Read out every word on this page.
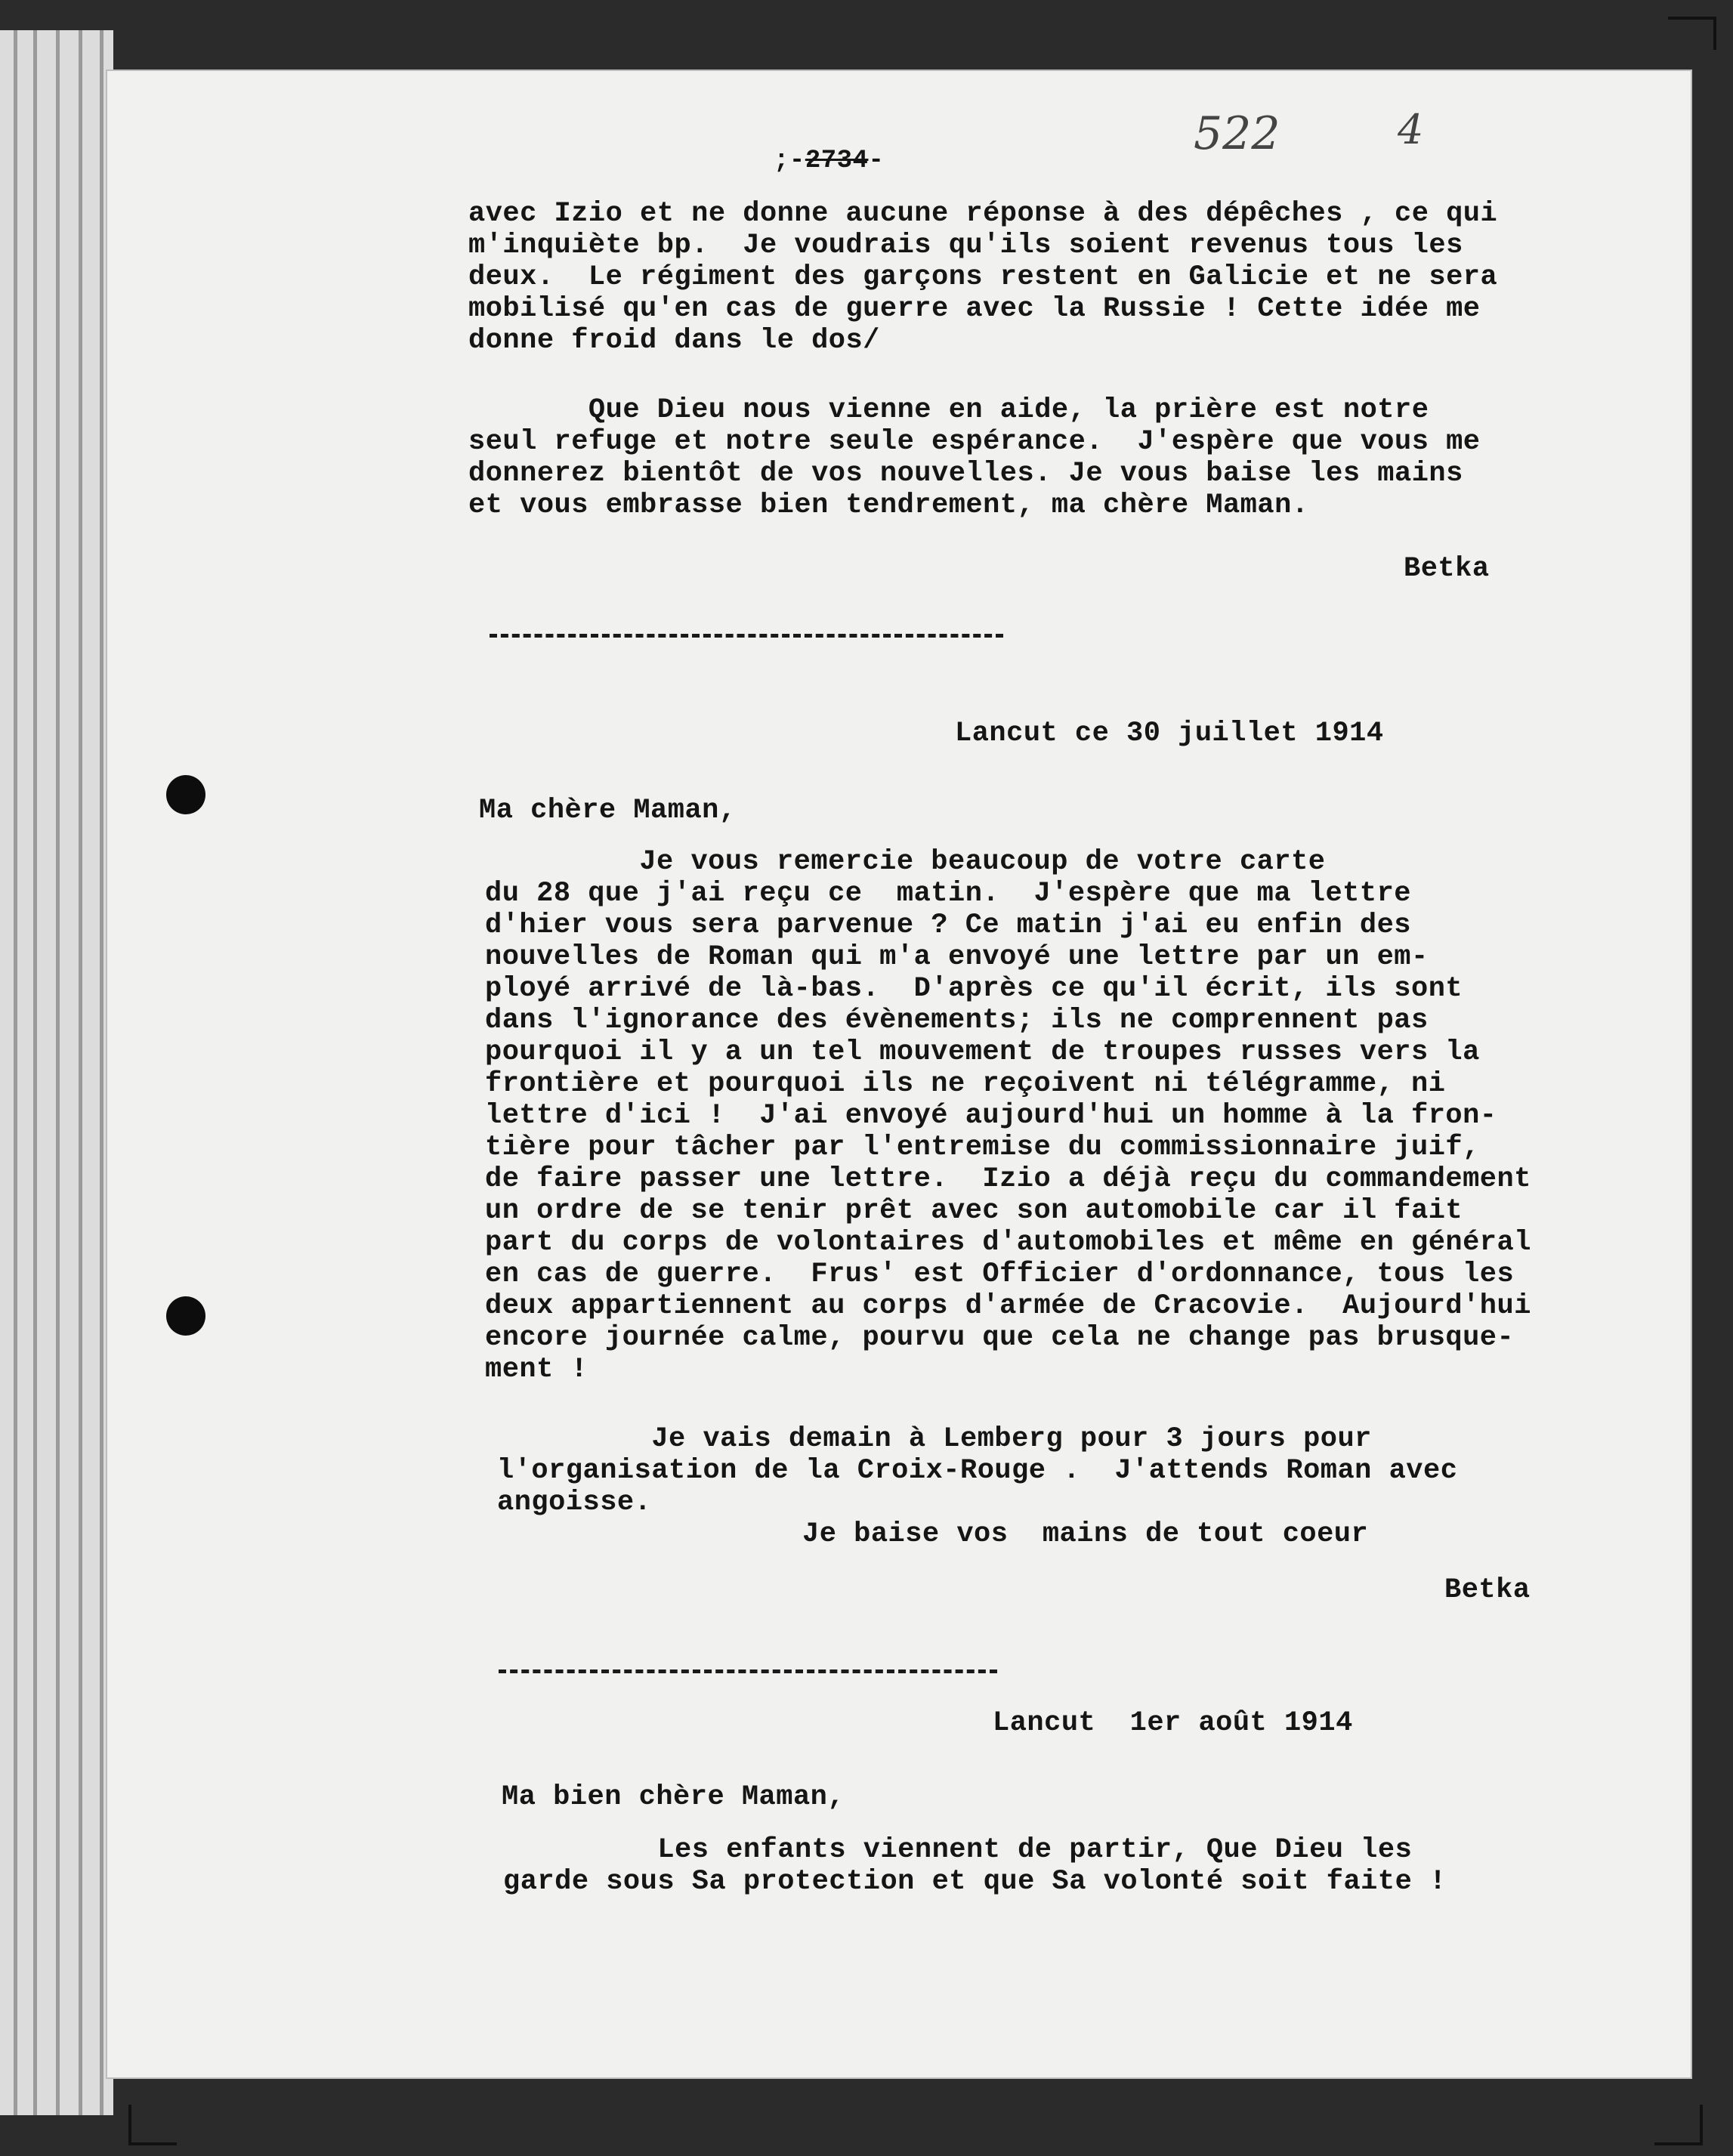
;-2734-
522	4
avec Izio et ne donne aucune réponse à des dépêches , ce qui
m'inquiète bp.  Je voudrais qu'ils soient revenus tous les
deux.  Le régiment des garçons restent en Galicie et ne sera
mobilisé qu'en cas de guerre avec la Russie ! Cette idée me
donne froid dans le dos/
Que Dieu nous vienne en aide, la prière est notre
seul refuge et notre seule espérance.  J'espère que vous me
donnerez bientôt de vos nouvelles. Je vous baise les mains
et vous embrasse bien tendrement, ma chère Maman.
Betka
Lancut ce 30 juillet 1914
Ma chère Maman,
Je vous remercie beaucoup de votre carte
du 28 que j'ai reçu ce  matin.  J'espère que ma lettre
d'hier vous sera parvenue ? Ce matin j'ai eu enfin des
nouvelles de Roman qui m'a envoyé une lettre par un em-
ployé arrivé de là-bas.  D'après ce qu'il écrit, ils sont
dans l'ignorance des évènements; ils ne comprennent pas
pourquoi il y a un tel mouvement de troupes russes vers la
frontière et pourquoi ils ne reçoivent ni télégramme, ni
lettre d'ici !  J'ai envoyé aujourd'hui un homme à la fron-
tière pour tâcher par l'entremise du commissionnaire juif,
de faire passer une lettre.  Izio a déjà reçu du commandement
un ordre de se tenir prêt avec son automobile car il fait
part du corps de volontaires d'automobiles et même en général
en cas de guerre.  Frus' est Officier d'ordonnance, tous les
deux appartiennent au corps d'armée de Cracovie.  Aujourd'hui
encore journée calme, pourvu que cela ne change pas brusque-
ment !
Je vais demain à Lemberg pour 3 jours pour
l'organisation de la Croix-Rouge .  J'attends Roman avec
angoisse.
Je baise vos  mains de tout coeur
Betka
Lancut  1er août 1914
Ma bien chère Maman,
Les enfants viennent de partir, Que Dieu les
garde sous Sa protection et que Sa volonté soit faite !
